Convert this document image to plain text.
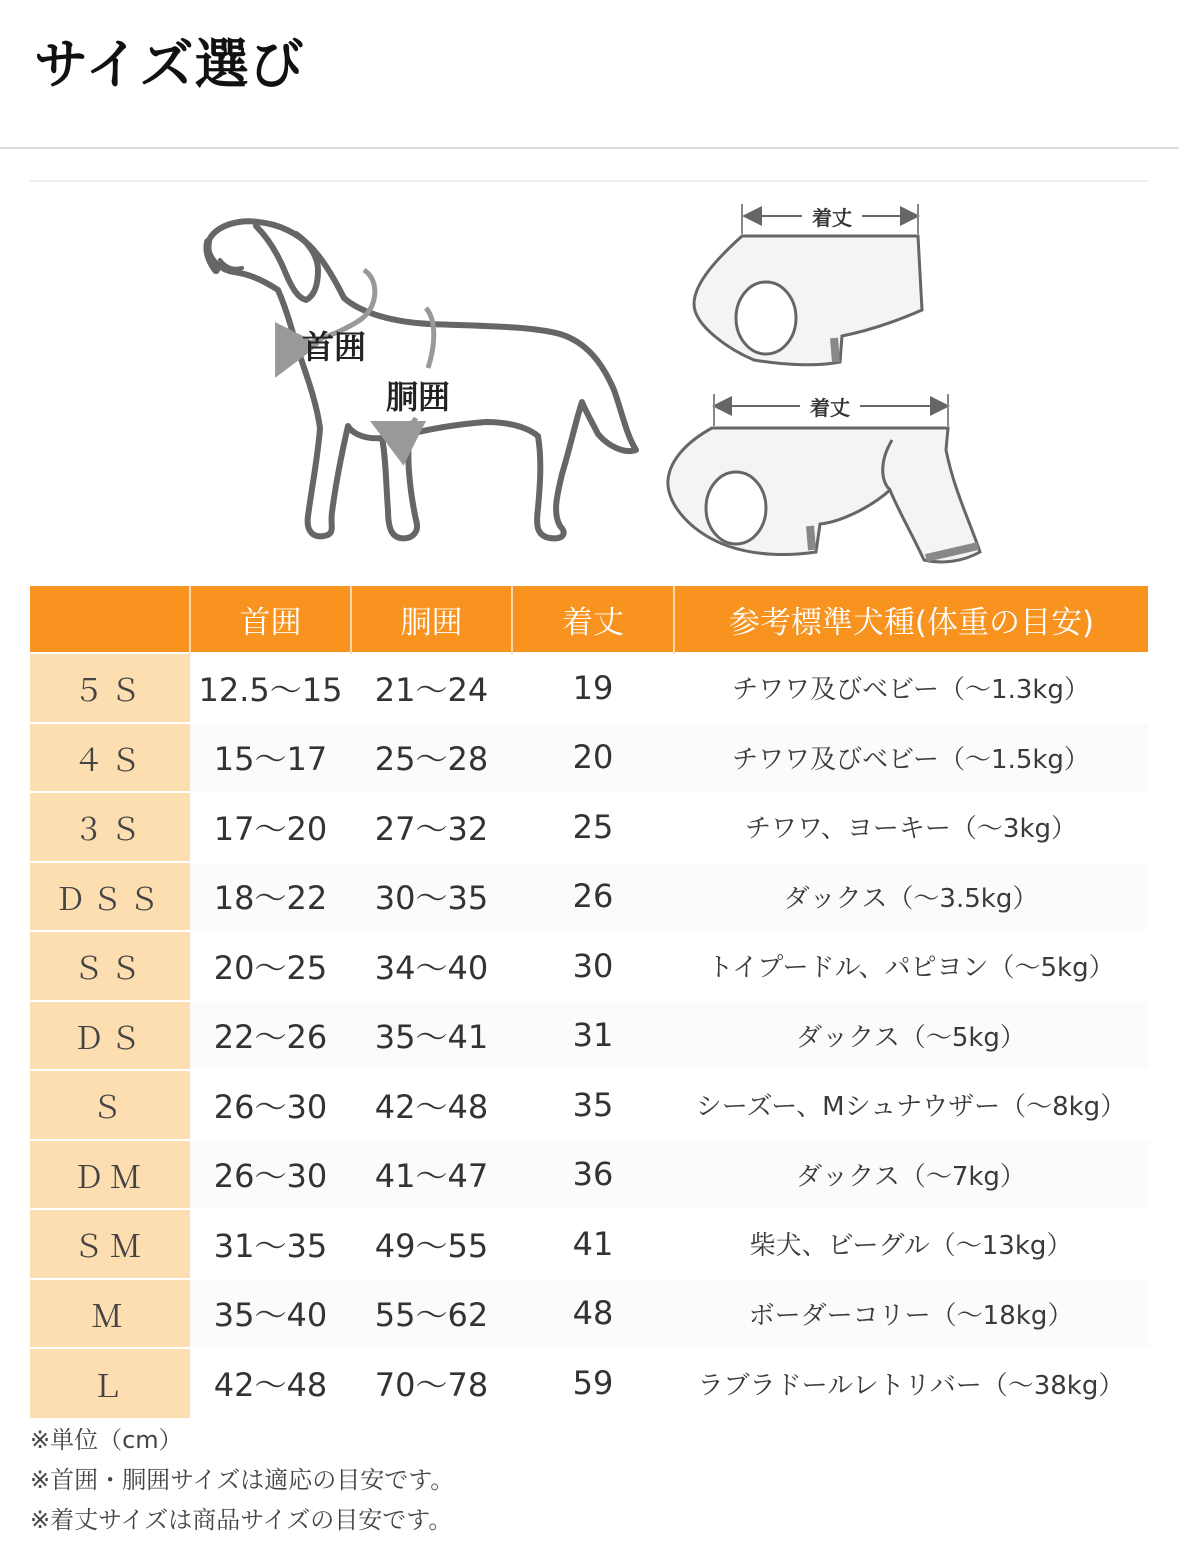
サイズ選び
首囲
胴囲
着丈
着丈
	首囲	胴囲	着丈	参考標準犬種(体重の目安)
５Ｓ	12.5〜15	21〜24	19	チワワ及びベビー（〜1.3kg）
４Ｓ	15〜17	25〜28	20	チワワ及びベビー（〜1.5kg）
３Ｓ	17〜20	27〜32	25	チワワ、ヨーキー（〜3kg）
ＤＳＳ	18〜22	30〜35	26	ダックス（〜3.5kg）
ＳＳ	20〜25	34〜40	30	トイプードル、パピヨン（〜5kg）
ＤＳ	22〜26	35〜41	31	ダックス（〜5kg）
Ｓ	26〜30	42〜48	35	シーズー、Mシュナウザー（〜8kg）
ＤＭ	26〜30	41〜47	36	ダックス（〜7kg）
ＳＭ	31〜35	49〜55	41	柴犬、ビーグル（〜13kg）
Ｍ	35〜40	55〜62	48	ボーダーコリー（〜18kg）
Ｌ	42〜48	70〜78	59	ラブラドールレトリバー（〜38kg）
※単位（cm）
※首囲・胴囲サイズは適応の目安です。
※着丈サイズは商品サイズの目安です。
